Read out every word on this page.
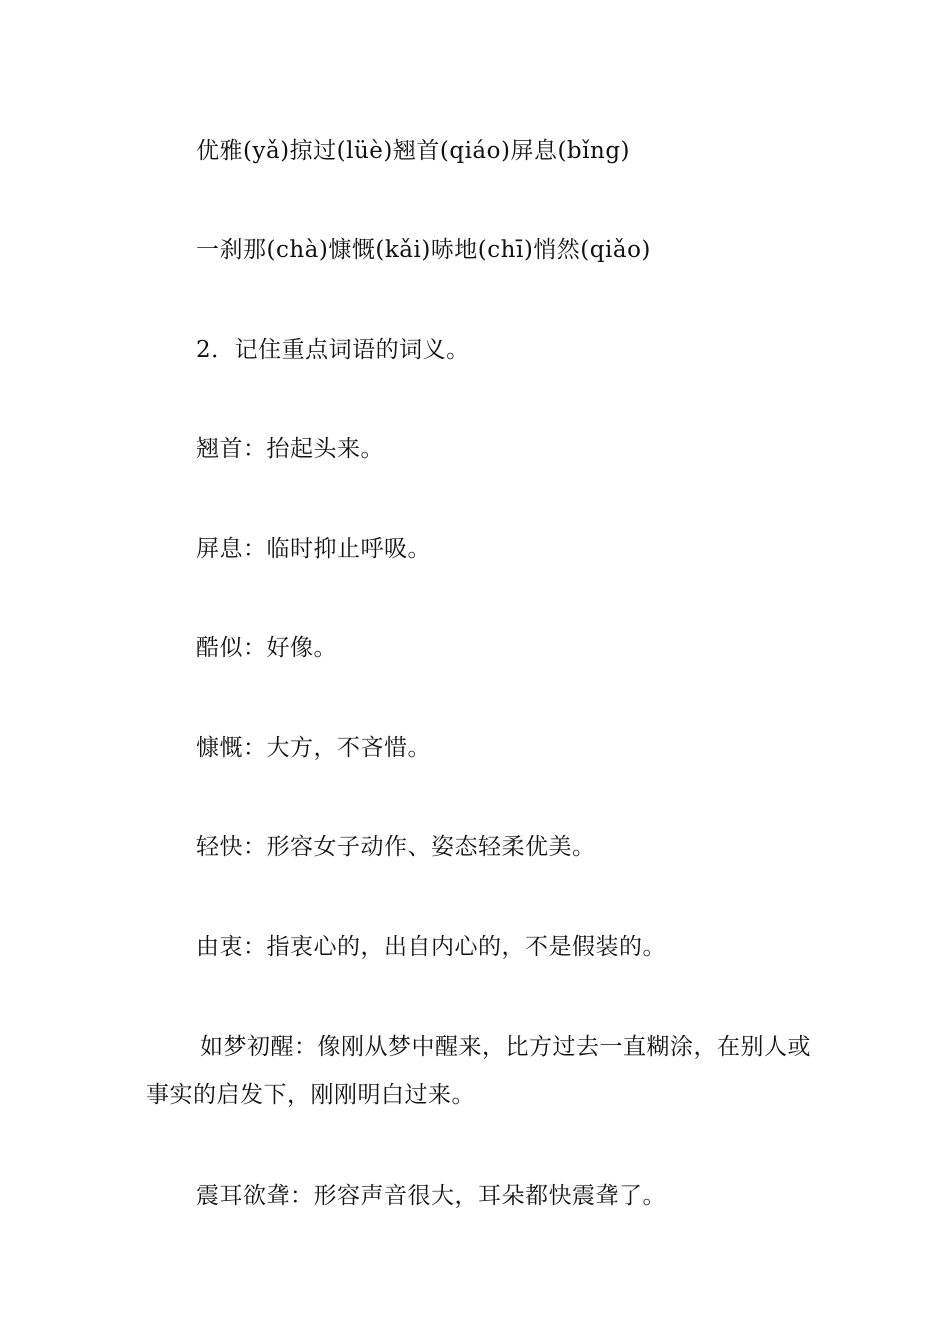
优雅(yǎ)掠过(lüè)翘首(qiáo)屏息(bǐng)
一刹那(chà)慷慨(kǎi)哧地(chī)悄然(qiǎo)
2．记住重点词语的词义。
翘首：抬起头来。
屏息：临时抑止呼吸。
酷似：好像。
慷慨：大方，不吝惜。
轻快：形容女子动作、姿态轻柔优美。
由衷：指衷心的，出自内心的，不是假装的。
如梦初醒：像刚从梦中醒来，比方过去一直糊涂，在别人或事实的启发下，刚刚明白过来。
震耳欲聋：形容声音很大，耳朵都快震聋了。
